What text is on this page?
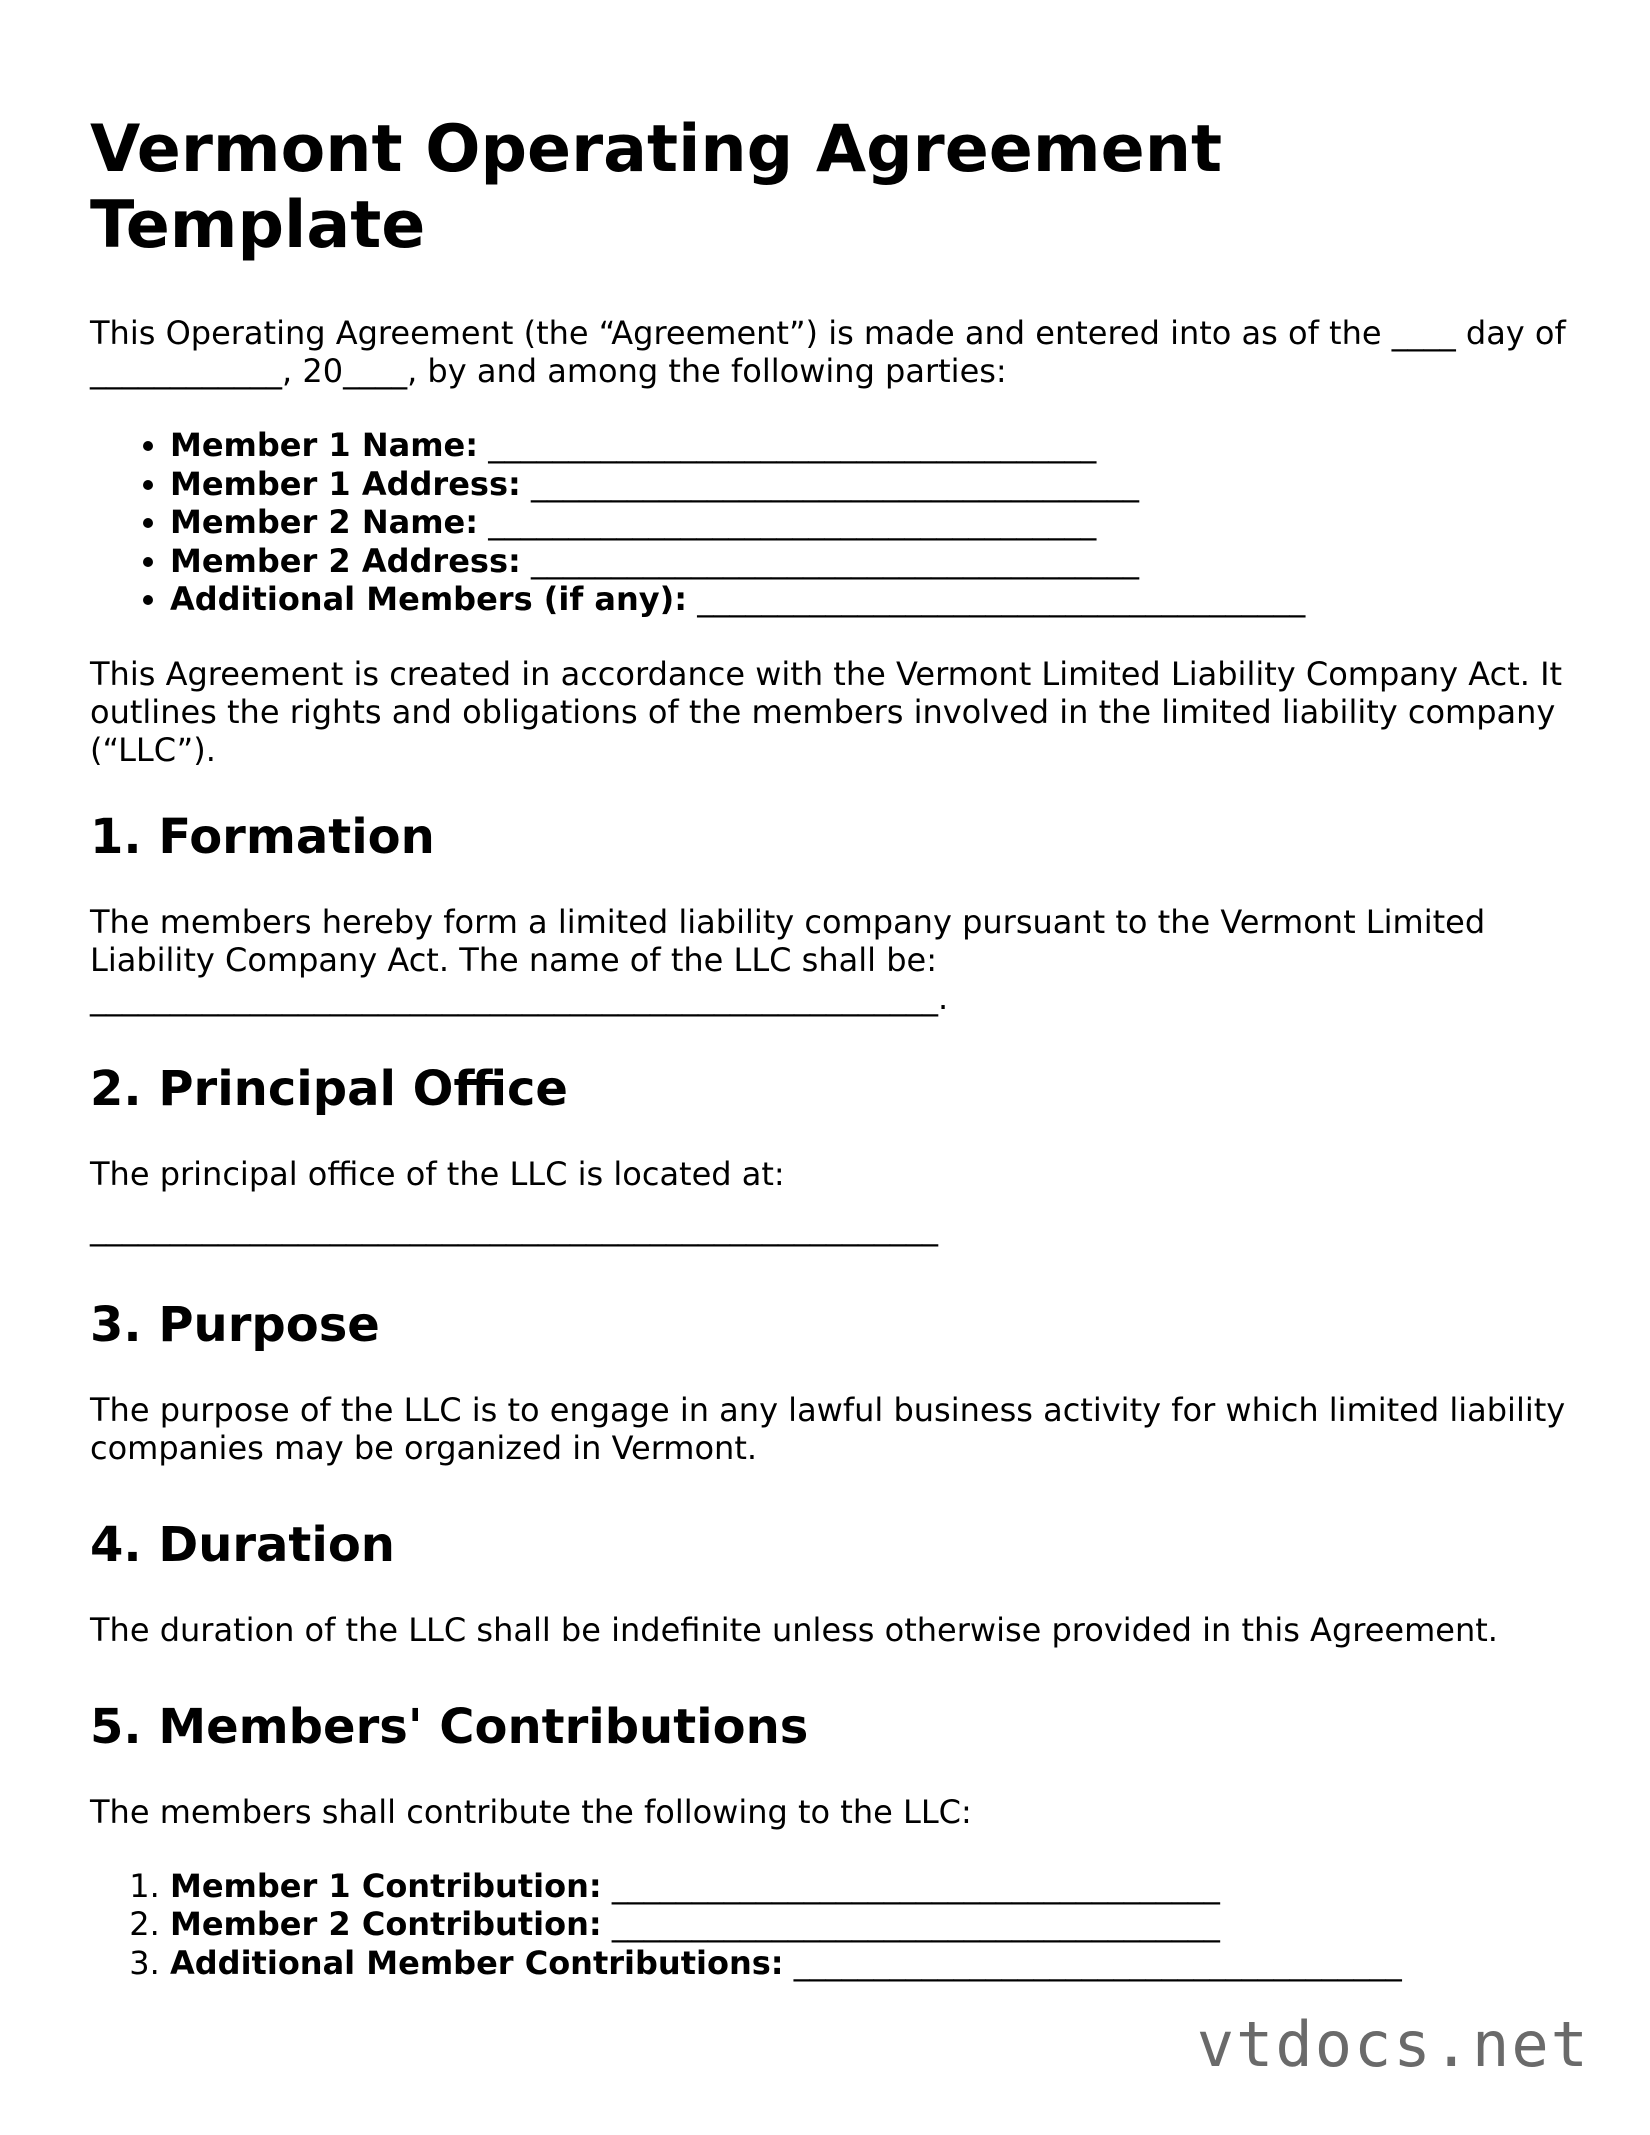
Vermont Operating Agreement Template

This Operating Agreement (the “Agreement”) is made and entered into as of the ____ day of ____________, 20____, by and among the following parties:

• Member 1 Name: ______________________________________
• Member 1 Address: ______________________________________
• Member 2 Name: ______________________________________
• Member 2 Address: ______________________________________
• Additional Members (if any): ______________________________________

This Agreement is created in accordance with the Vermont Limited Liability Company Act. It outlines the rights and obligations of the members involved in the limited liability company (“LLC”).

1. Formation

The members hereby form a limited liability company pursuant to the Vermont Limited Liability Company Act. The name of the LLC shall be: _____________________________________________________.

2. Principal Office

The principal office of the LLC is located at:

_____________________________________________________

3. Purpose

The purpose of the LLC is to engage in any lawful business activity for which limited liability companies may be organized in Vermont.

4. Duration

The duration of the LLC shall be indefinite unless otherwise provided in this Agreement.

5. Members' Contributions

The members shall contribute the following to the LLC:

1. Member 1 Contribution: ______________________________________
2. Member 2 Contribution: ______________________________________
3. Additional Member Contributions: ______________________________________
vtdocs.net
